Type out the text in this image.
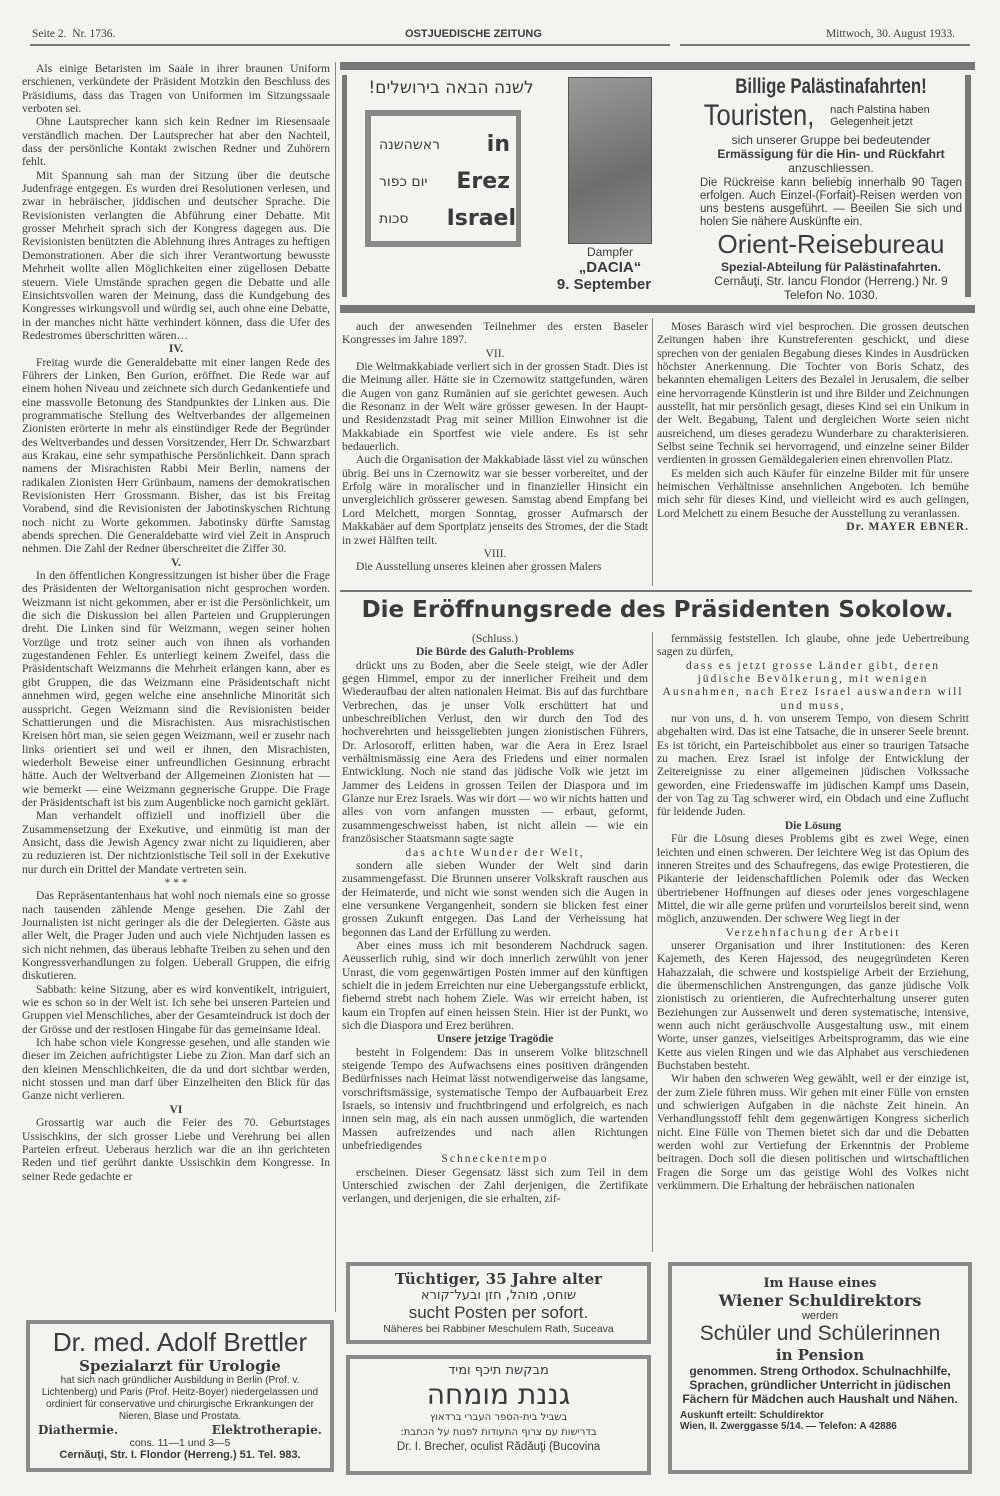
Seite 2. Nr. 1736.	OSTJUEDISCHE ZEITUNG	Mittwoch, 30. August 1933.
לשנה הבאה בירושלים!
ראשהשנה in
יום כפור Erez
סכות Israel
Dampfer
„DACIA“
9. September
Billige Palästinafahrten!
Touristen, nach Palstina haben Gelegenheit jetzt
sich unserer Gruppe bei bedeutender
Ermässigung für die Hin- und Rückfahrt
anzuschliessen.
Die Rückreise kann beliebig innerhalb 90 Tagen erfolgen. Auch Einzel-(Forfait)-Reisen werden von uns bestens ausgeführt. — Beeilen Sie sich und holen Sie nähere Auskünfte ein.
Orient-Reisebureau
Spezial-Abteilung für Palästinafahrten.
Cernăuţi, Str. Iancu Flondor (Herreng.) Nr. 9
Telefon No. 1030.

Als einige Betaristen im Saale in ihrer braunen Uniform erschienen, verkündete der Präsident Motzkin den Beschluss des Präsidiums, dass das Tragen von Uniformen im Sitzungssaale verboten sei.

Ohne Lautsprecher kann sich kein Redner im Riesensaale verständlich machen. Der Lautsprecher hat aber den Nachteil, dass der persönliche Kontakt zwischen Redner und Zuhörern fehlt.

Mit Spannung sah man der Sitzung über die deutsche Judenfrage entgegen. Es wurden drei Resolutionen verlesen, und zwar in hebräischer, jiddischen und deutscher Sprache. Die Revisionisten verlangten die Abführung einer Debatte. Mit grosser Mehrheit sprach sich der Kongress dagegen aus. Die Revisionisten benützten die Ablehnung ihres Antrages zu heftigen Demonstrationen. Aber die sich ihrer Verantwortung bewusste Mehrheit wollte allen Möglichkeiten einer zügellosen Debatte steuern. Viele Umstände sprachen gegen die Debatte und alle Einsichtsvollen waren der Meinung, dass die Kundgebung des Kongresses wirkungsvoll und würdig sei, auch ohne eine Debatte, in der manches nicht hätte verhindert können, dass die Ufer des Redestromes überschritten wären…

IV.

Freitag wurde die Generaldebatte mit einer langen Rede des Führers der Linken, Ben Gurion, eröffnet. Die Rede war auf einem hohen Niveau und zeichnete sich durch Gedankentiefe und eine massvolle Betonung des Standpunktes der Linken aus. Die programmatische Stellung des Weltverbandes der allgemeinen Zionisten erörterte in mehr als einstündiger Rede der Begründer des Weltverbandes und dessen Vorsitzender, Herr Dr. Schwarzbart aus Krakau, eine sehr sympathische Persönlichkeit. Dann sprach namens der Misrachisten Rabbi Meir Berlin, namens der radikalen Zionisten Herr Grünbaum, namens der demokratischen Revisionisten Herr Grossmann. Bisher, das ist bis Freitag Vorabend, sind die Revisionisten der Jabotinskyschen Richtung noch nicht zu Worte gekommen. Jabotinsky dürfte Samstag abends sprechen. Die Generaldebatte wird viel Zeit in Anspruch nehmen. Die Zahl der Redner überschreitet die Ziffer 30.

V.

In den öffentlichen Kongressitzungen ist bisher über die Frage des Präsidenten der Weltorganisation nicht gesprochen worden. Weizmann ist nicht gekommen, aber er ist die Persönlichkeit, um die sich die Diskussion bei allen Parteien und Gruppierungen dreht. Die Linken sind für Weizmann, wegen seiner hohen Vorzüge und trotz seiner auch von ihnen als vorhanden zugestandenen Fehler. Es unterliegt keinem Zweifel, dass die Präsidentschaft Weizmanns die Mehrheit erlangen kann, aber es gibt Gruppen, die das Weizmann eine Präsidentschaft nicht annehmen wird, gegen welche eine ansehnliche Minorität sich ausspricht. Gegen Weizmann sind die Revisionisten beider Schattierungen und die Misrachisten. Aus misrachistischen Kreisen hört man, sie seien gegen Weizmann, weil er zusehr nach links orientiert sei und weil er ihnen, den Misrachisten, wiederholt Beweise einer unfreundlichen Gesinnung erbracht hätte. Auch der Weltverband der Allgemeinen Zionisten hat — wie bemerkt — eine Weizmann gegnerische Gruppe. Die Frage der Präsidentschaft ist bis zum Augenblicke noch garnicht geklärt.

Man verhandelt offiziell und inoffiziell über die Zusammensetzung der Exekutive, und einmütig ist man der Ansicht, dass die Jewish Agency zwar nicht zu liquidieren, aber zu reduzieren ist. Der nichtzionistische Teil soll in der Exekutive nur durch ein Drittel der Mandate vertreten sein.

* * *

Das Repräsentantenhaus hat wohl noch niemals eine so grosse nach tausenden zählende Menge gesehen. Die Zahl der Journalisten ist nicht geringer als die der Delegierten. Gäste aus aller Welt, die Prager Juden und auch viele Nichtjuden lassen es sich nicht nehmen, das überaus lebhafte Treiben zu sehen und den Kongressverhandlungen zu folgen. Ueberall Gruppen, die eifrig diskutieren.

Sabbath: keine Sitzung, aber es wird konventikelt, intriguiert, wie es schon so in der Welt ist. Ich sehe bei unseren Parteien und Gruppen viel Menschliches, aber der Gesamteindruck ist doch der der Grösse und der restlosen Hingabe für das gemeinsame Ideal.

Ich habe schon viele Kongresse gesehen, und alle standen wie dieser im Zeichen aufrichtigster Liebe zu Zion. Man darf sich an den kleinen Menschlichkeiten, die da und dort sichtbar werden, nicht stossen und man darf über Einzelheiten den Blick für das Ganze nicht verlieren.

VI

Grossartig war auch die Feier des 70. Geburtstages Ussischkins, der sich grosser Liebe und Verehrung bei allen Parteien erfreut. Ueberaus herzlich war die an ihn gerichteten Reden und tief gerührt dankte Ussischkin dem Kongresse. In seiner Rede gedachte er

auch der anwesenden Teilnehmer des ersten Baseler Kongresses im Jahre 1897.

VII.

Die Weltmakkabiade verliert sich in der grossen Stadt. Dies ist die Meinung aller. Hätte sie in Czernowitz stattgefunden, wären die Augen von ganz Rumänien auf sie gerichtet gewesen. Auch die Resonanz in der Welt wäre grösser gewesen. In der Haupt- und Residenzstadt Prag mit seiner Million Einwohner ist die Makkabiade ein Sportfest wie viele andere. Es ist sehr bedauerlich.

Auch die Organisation der Makkabiade lässt viel zu wünschen übrig. Bei uns in Czernowitz war sie besser vorbereitet, und der Erfolg wäre in moralischer und in finanzieller Hinsicht ein unvergleichlich grösserer gewesen. Samstag abend Empfang bei Lord Melchett, morgen Sonntag, grosser Aufmarsch der Makkabäer auf dem Sportplatz jenseits des Stromes, der die Stadt in zwei Hälften teilt.

VIII.

Die Ausstellung unseres kleinen aber grossen Malers

Moses Barasch wird viel besprochen. Die grossen deutschen Zeitungen haben ihre Kunstreferenten geschickt, und diese sprechen von der genialen Begabung dieses Kindes in Ausdrücken höchster Anerkennung. Die Tochter von Boris Schatz, des bekannten ehemaligen Leiters des Bezalel in Jerusalem, die selber eine hervorragende Künstlerin ist und ihre Bilder und Zeichnungen ausstellt, hat mir persönlich gesagt, dieses Kind sei ein Unikum in der Welt. Begabung, Talent und dergleichen Worte seien nicht ausreichend, um dieses geradezu Wunderbare zu charakterisieren. Selbst seine Technik sei hervorragend, und einzelne seiner Bilder verdienten in grossen Gemäldegalerien einen ehrenvollen Platz.

Es melden sich auch Käufer für einzelne Bilder mit für unsere heimischen Verhältnisse ansehnlichen Angeboten. Ich bemühe mich sehr für dieses Kind, und vielleicht wird es auch gelingen, Lord Melchett zu einem Besuche der Ausstellung zu veranlassen.

Dr. MAYER EBNER.
Die Eröffnungsrede des Präsidenten Sokolow.

(Schluss.)

Die Bürde des Galuth-Problems

drückt uns zu Boden, aber die Seele steigt, wie der Adler gegen Himmel, empor zu der innerlicher Freiheit und dem Wiederaufbau der alten nationalen Heimat. Bis auf das furchtbare Verbrechen, das je unser Volk erschüttert hat und unbeschreiblichen Verlust, den wir durch den Tod des hochverehrten und heissgeliebten jungen zionistischen Führers, Dr. Arlosoroff, erlitten haben, war die Aera in Erez Israel verhältnismässig eine Aera des Friedens und einer normalen Entwicklung. Noch nie stand das jüdische Volk wie jetzt im Jammer des Leidens in grossen Teilen der Diaspora und im Glanze nur Erez Israels. Was wir dort — wo wir nichts hatten und alles von vorn anfangen mussten — erbaut, geformt, zusammengeschweisst haben, ist nicht allein — wie ein französischer Staatsmann sagte sagte

das achte Wunder der Welt,

sondern alle sieben Wunder der Welt sind darin zusammengefasst. Die Brunnen unserer Volkskraft rauschen aus der Heimaterde, und nicht wie sonst wenden sich die Augen in eine versunkene Vergangenheit, sondern sie blicken fest einer grossen Zukunft entgegen. Das Land der Verheissung hat begonnen das Land der Erfüllung zu werden.

Aber eines muss ich mit besonderem Nachdruck sagen. Aeusserlich ruhig, sind wir doch innerlich zerwühlt von jener Unrast, die vom gegenwärtigen Posten immer auf den künftigen schielt die in jedem Erreichten nur eine Uebergangsstufe erblickt, fiebernd strebt nach hohem Ziele. Was wir erreicht haben, ist kaum ein Tropfen auf einen heissen Stein. Hier ist der Punkt, wo sich die Diaspora und Erez berühren.

Unsere jetzige Tragödie

besteht in Folgendem: Das in unserem Volke blitzschnell steigende Tempo des Aufwachsens eines positiven drängenden Bedürfnisses nach Heimat lässt notwendigerweise das langsame, vorschriftsmässige, systematische Tempo der Aufbauarbeit Erez Israels, so intensiv und fruchtbringend und erfolgreich, es nach innen sein mag, als ein nach aussen unmöglich, die wartenden Massen aufreizendes und nach allen Richtungen unbefriedigendes

Schneckentempo

erscheinen. Dieser Gegensatz lässt sich zum Teil in dem Unterschied zwischen der Zahl derjenigen, die Zertifikate verlangen, und derjenigen, die sie erhalten, zif-

fernmässig feststellen. Ich glaube, ohne jede Uebertreibung sagen zu dürfen,

dass es jetzt grosse Länder gibt, deren jüdische Bevölkerung, mit wenigen Ausnahmen, nach Erez Israel auswandern will und muss,

nur von uns, d. h. von unserem Tempo, von diesem Schritt abgehalten wird. Das ist eine Tatsache, die in unserer Seele brennt. Es ist töricht, ein Parteischibbolet aus einer so traurigen Tatsache zu machen. Erez Israel ist infolge der Entwicklung der Zeitereignisse zu einer allgemeinen jüdischen Volkssache geworden, eine Friedenswaffe im jüdischen Kampf ums Dasein, der von Tag zu Tag schwerer wird, ein Obdach und eine Zuflucht für leidende Juden.

Die Lösung

Für die Lösung dieses Problems gibt es zwei Wege, einen leichten und einen schweren. Der leichtere Weg ist das Opium des inneren Streites und des Schaufregens, das ewige Protestieren, die Pikanterie der leidenschaftlichen Polemik oder das Wecken übertriebener Hoffnungen auf dieses oder jenes vorgeschlagene Mittel, die wir alle gerne prüfen und vorurteilslos bereit sind, wenn möglich, anzuwenden. Der schwere Weg liegt in der

Verzehnfachung der Arbeit

unserer Organisation und ihrer Institutionen: des Keren Kajemeth, des Keren Hajessod, des neugegründeten Keren Hahazzalah, die schwere und kostspielige Arbeit der Erziehung, die übermenschlichen Anstrengungen, das ganze jüdische Volk zionistisch zu orientieren, die Aufrechterhaltung unserer guten Beziehungen zur Aussenwelt und deren systematische, intensive, wenn auch nicht geräuschvolle Ausgestaltung usw., mit einem Worte, unser ganzes, vielseitiges Arbeitsprogramm, das wie eine Kette aus vielen Ringen und wie das Alphabet aus verschiedenen Buchstaben besteht.

Wir haben den schweren Weg gewählt, weil er der einzige ist, der zum Ziele führen muss. Wir gehen mit einer Fülle von ernsten und schwierigen Aufgaben in die nächste Zeit hinein. An Verhandlungsstoff fehlt dem gegenwärtigen Kongress sicherlich nicht. Eine Fülle von Themen bietet sich dar und die Debatten werden wohl zur Vertiefung der Erkenntnis der Probleme beitragen. Doch soll die diesen politischen und wirtschaftlichen Fragen die Sorge um das geistige Wohl des Volkes nicht verkümmern. Die Erhaltung der hebräischen nationalen

Dr. med. Adolf Brettler
Spezialarzt für Urologie
hat sich nach gründlicher Ausbildung in Berlin (Prof. v. Lichtenberg) und Paris (Prof. Heitz-Boyer) niedergelassen und ordiniert für conservative und chirurgische Erkrankungen der Nieren, Blase und Prostata.
Diathermie.	Elektrotherapie.
cons. 11—1 und 3—5
Cernăuţi, Str. I. Flondor (Herreng.) 51. Tel. 983.
Tüchtiger, 35 Jahre alter
שוחט, מוהל, חזן ובעל־קורא
sucht Posten per sofort.
Näheres bei Rabbiner Meschulem Rath, Suceava
מבקשת תיכף ומיד
גננת מומחה
בשביל בית-הספר העברי ברדאוץ
בדרישות עם צרוף התעודות לפנות על הכתבת:
Dr. I. Brecher, oculist Rădăuţi (Bucovina
Im Hause eines
Wiener Schuldirektors
werden
Schüler und Schülerinnen
in Pension
genommen. Streng Orthodox. Schulnachhilfe, Sprachen, gründlicher Unterricht in jüdischen Fächern für Mädchen auch Haushalt und Nähen.
Auskunft erteilt: Schuldirektor
Wien, II. Zwerggasse 5/14. — Telefon: A 42886
